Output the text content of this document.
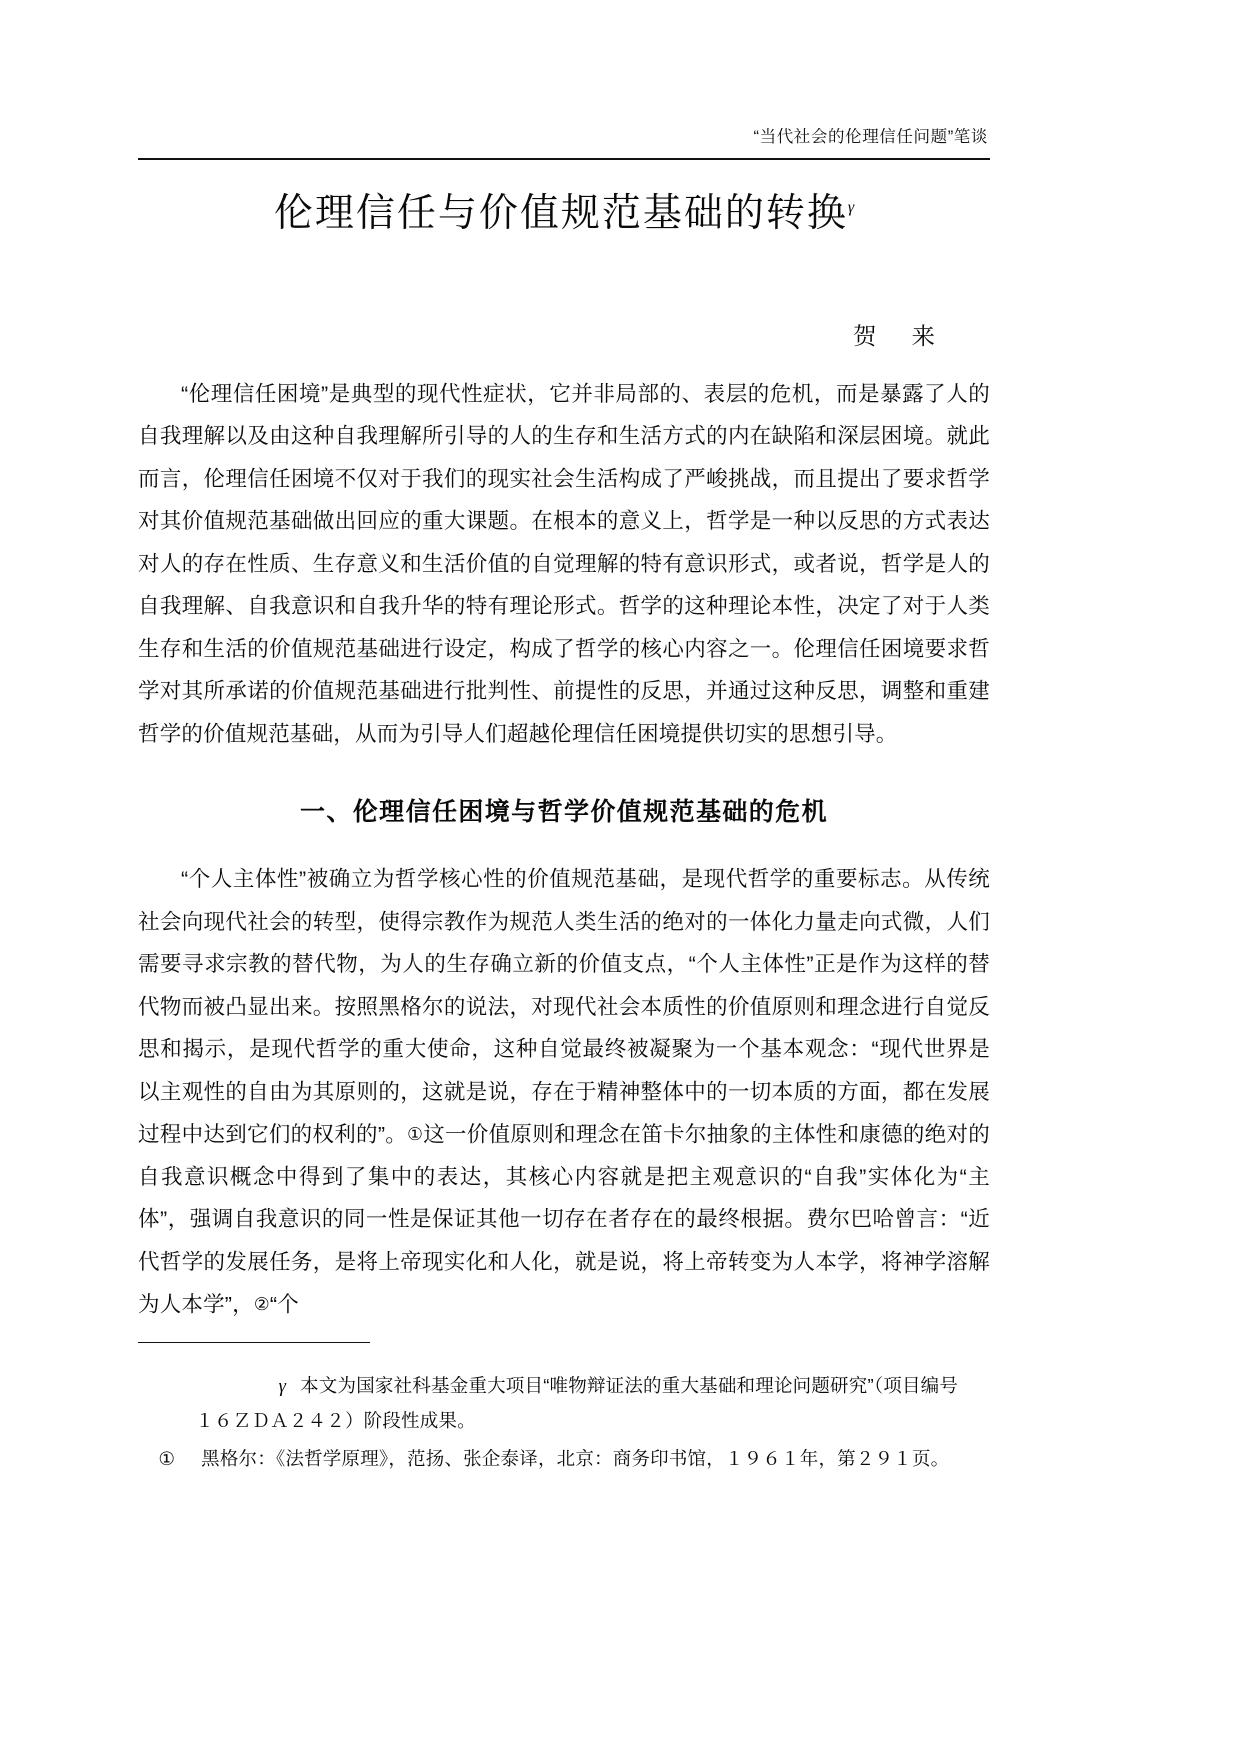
“当代社会的伦理信任问题”笔谈
伦理信任与价值规范基础的转换$^\gamma$
贺 来

“伦理信任困境”是典型的现代性症状，它并非局部的、表层的危机，而是暴露了人的自我理解以及由这种自我理解所引导的人的生存和生活方式的内在缺陷和深层困境。就此而言，伦理信任困境不仅对于我们的现实社会生活构成了严峻挑战，而且提出了要求哲学对其价值规范基础做出回应的重大课题。在根本的意义上，哲学是一种以反思的方式表达对人的存在性质、生存意义和生活价值的自觉理解的特有意识形式，或者说，哲学是人的自我理解、自我意识和自我升华的特有理论形式。哲学的这种理论本性，决定了对于人类生存和生活的价值规范基础进行设定，构成了哲学的核心内容之一。伦理信任困境要求哲学对其所承诺的价值规范基础进行批判性、前提性的反思，并通过这种反思，调整和重建哲学的价值规范基础，从而为引导人们超越伦理信任困境提供切实的思想引导。

一、伦理信任困境与哲学价值规范基础的危机

“个人主体性”被确立为哲学核心性的价值规范基础，是现代哲学的重要标志。从传统社会向现代社会的转型，使得宗教作为规范人类生活的绝对的一体化力量走向式微，人们需要寻求宗教的替代物，为人的生存确立新的价值支点，“个人主体性”正是作为这样的替代物而被凸显出来。按照黑格尔的说法，对现代社会本质性的价值原则和理念进行自觉反思和揭示，是现代哲学的重大使命，这种自觉最终被凝聚为一个基本观念：“现代世界是以主观性的自由为其原则的，这就是说，存在于精神整体中的一切本质的方面，都在发展过程中达到它们的权利的”。①这一价值原则和理念在笛卡尔抽象的主体性和康德的绝对的自我意识概念中得到了集中的表达，其核心内容就是把主观意识的“自我”实体化为“主体”，强调自我意识的同一性是保证其他一切存在者存在的最终根据。费尔巴哈曾言：“近代哲学的发展任务，是将上帝现实化和人化，就是说，将上帝转变为人本学，将神学溶解为人本学”，②“个

γ 本文为国家社科基金重大项目“唯物辩证法的重大基础和理论问题研究”（项目编号
１６ＺＤＡ２４２）阶段性成果。
① 黑格尔：《法哲学原理》，范扬、张企泰译，北京：商务印书馆，１９６１年，第２９１页。
